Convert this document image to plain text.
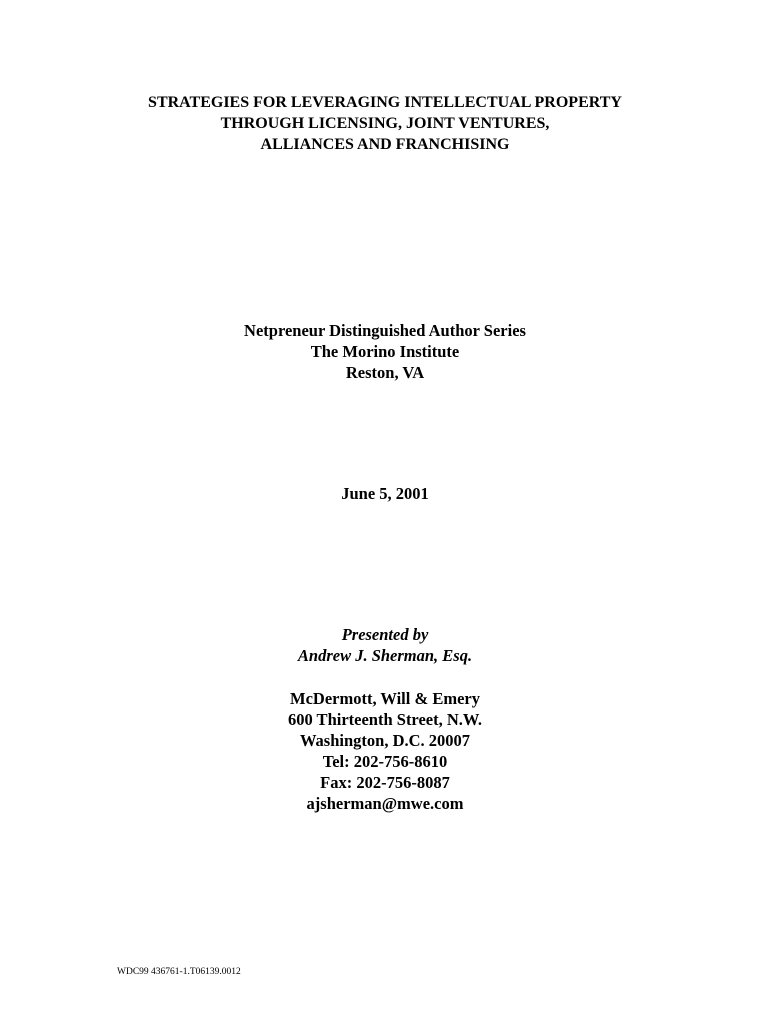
STRATEGIES FOR LEVERAGING INTELLECTUAL PROPERTY
THROUGH LICENSING, JOINT VENTURES,
ALLIANCES AND FRANCHISING
Netpreneur Distinguished Author Series
The Morino Institute
Reston, VA
June 5, 2001
Presented by
Andrew J. Sherman, Esq.
McDermott, Will & Emery
600 Thirteenth Street, N.W.
Washington, D.C. 20007
Tel: 202-756-8610
Fax: 202-756-8087
ajsherman@mwe.com
WDC99 436761-1.T06139.0012
